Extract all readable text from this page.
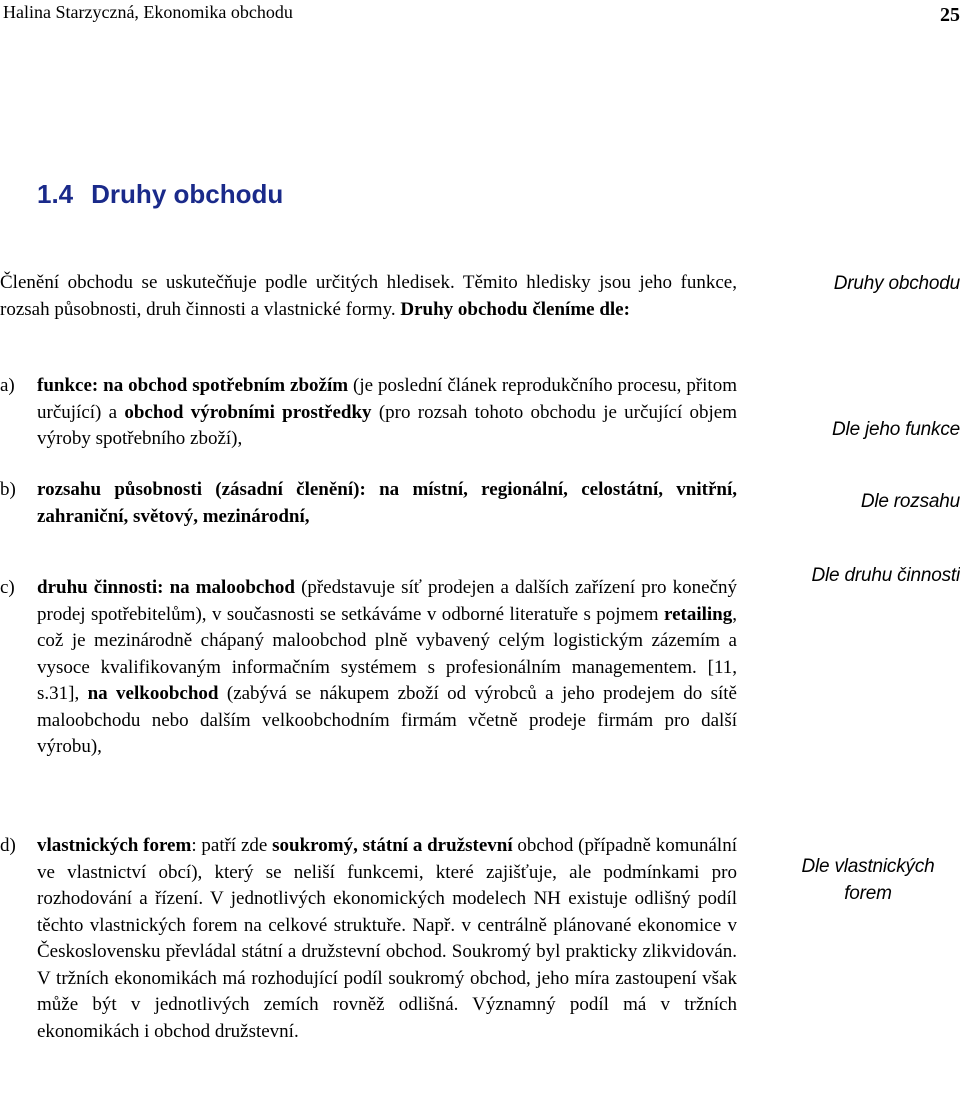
Halina Starzyczná, Ekonomika obchodu	25
1.4 Druhy obchodu
Členění obchodu se uskutečňuje podle určitých hledisek. Těmito hledisky jsou jeho funkce, rozsah působnosti, druh činnosti a vlastnické formy. Druhy obchodu členíme dle:
Druhy obchodu
a) funkce: na obchod spotřebním zbožím (je poslední článek reprodukčního procesu, přitom určující) a obchod výrobními prostředky (pro rozsah tohoto obchodu je určující objem výroby spotřebního zboží),	Dle jeho funkce
b) rozsahu působnosti (zásadní členění): na místní, regionální, celostátní, vnitřní, zahraniční, světový, mezinárodní,
Dle rozsahu
c) druhu činnosti: na maloobchod (představuje síť prodejen a dalších zařízení pro konečný prodej spotřebitelům), v současnosti se setkáváme v odborné literatuře s pojmem retailing, což je mezinárodně chápaný maloobchod plně vybavený celým logistickým zázemím a vysoce kvalifikovaným informačním systémem s profesionálním managementem. [11, s.31], na velkoobchod (zabývá se nákupem zboží od výrobců a jeho prodejem do sítě maloobchodu nebo dalším velkoobchodním firmám včetně prodeje firmám pro další výrobu),
Dle druhu činnosti
d) vlastnických forem: patří zde soukromý, státní a družstevní obchod (případně komunální ve vlastnictví obcí), který se neliší funkcemi, které zajišťuje, ale podmínkami pro rozhodování a řízení. V jednotlivých ekonomických modelech NH existuje odlišný podíl těchto vlastnických forem na celkové struktuře. Např. v centrálně plánované ekonomice v Československu převládal státní a družstevní obchod. Soukromý byl prakticky zlikvidován. V tržních ekonomikách má rozhodující podíl soukromý obchod, jeho míra zastoupení však může být v jednotlivých zemích rovněž odlišná. Významný podíl má v tržních ekonomikách i obchod družstevní.
Dle vlastnických forem
